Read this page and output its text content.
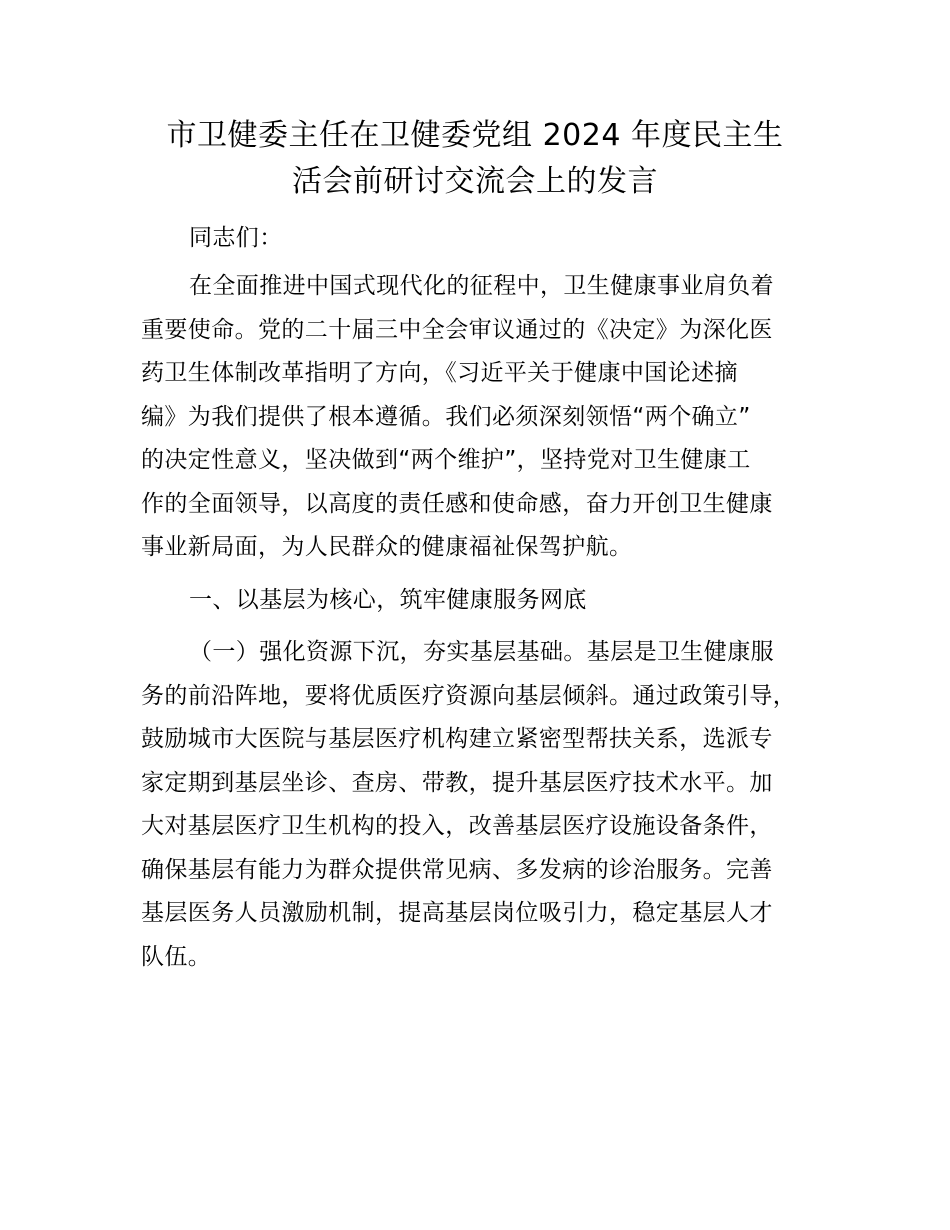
市卫健委主任在卫健委党组 2024 年度民主生
活会前研讨交流会上的发言

同志们：

在全面推进中国式现代化的征程中，卫生健康事业肩负着
重要使命。党的二十届三中全会审议通过的《决定》为深化医
药卫生体制改革指明了方向，《习近平关于健康中国论述摘
编》为我们提供了根本遵循。我们必须深刻领悟“两个确立”
的决定性意义，坚决做到“两个维护”，坚持党对卫生健康工
作的全面领导，以高度的责任感和使命感，奋力开创卫生健康
事业新局面，为人民群众的健康福祉保驾护航。

一、以基层为核心，筑牢健康服务网底

（一）强化资源下沉，夯实基层基础。基层是卫生健康服
务的前沿阵地，要将优质医疗资源向基层倾斜。通过政策引导，
鼓励城市大医院与基层医疗机构建立紧密型帮扶关系，选派专
家定期到基层坐诊、查房、带教，提升基层医疗技术水平。加
大对基层医疗卫生机构的投入，改善基层医疗设施设备条件，
确保基层有能力为群众提供常见病、多发病的诊治服务。完善
基层医务人员激励机制，提高基层岗位吸引力，稳定基层人才
队伍。
